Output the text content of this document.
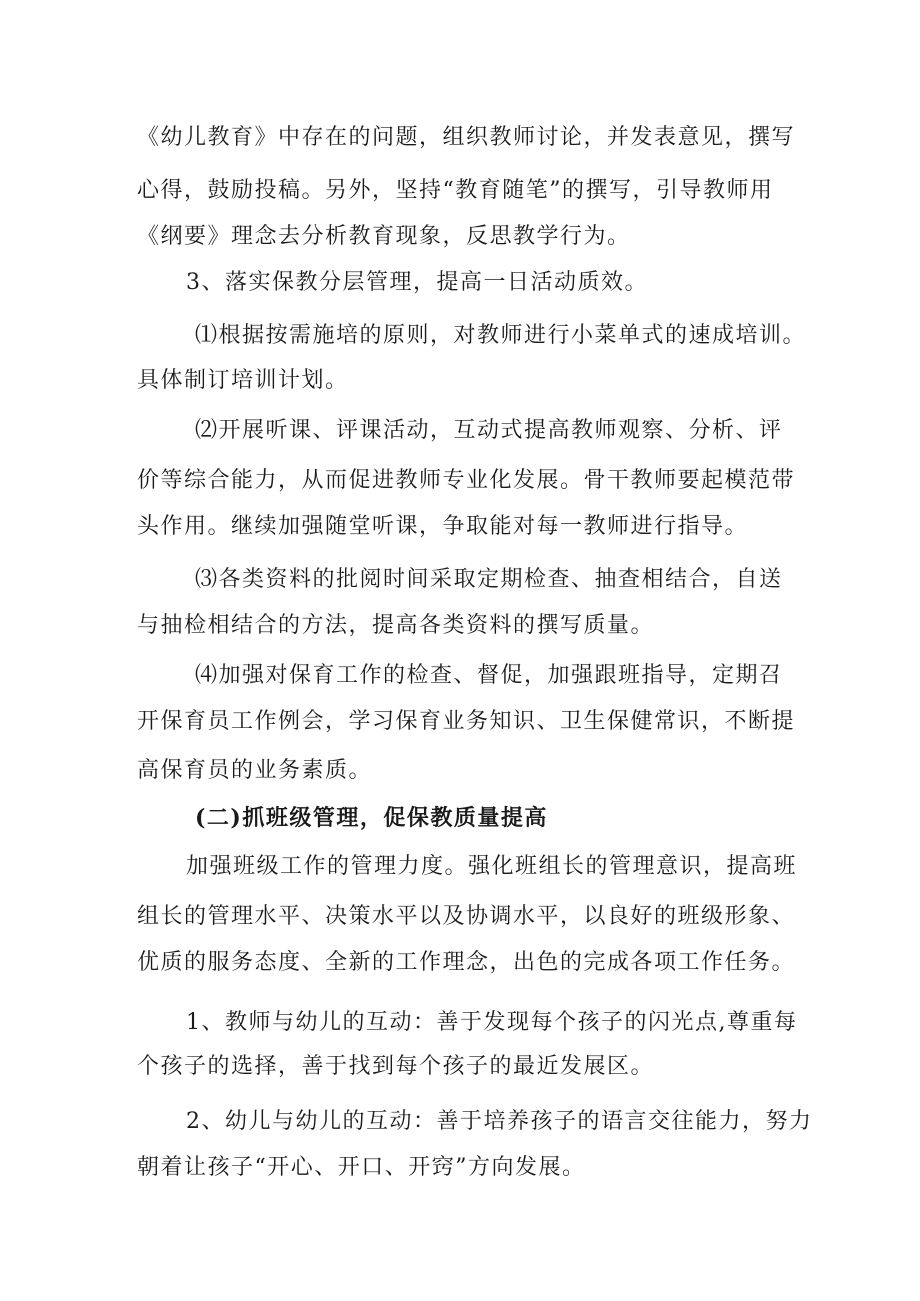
《幼儿教育》中存在的问题，组织教师讨论，并发表意见，撰写
心得，鼓励投稿。另外，坚持“教育随笔”的撰写，引导教师用
《纲要》理念去分析教育现象，反思教学行为。
3、落实保教分层管理，提高一日活动质效。
⑴根据按需施培的原则，对教师进行小菜单式的速成培训。
具体制订培训计划。
⑵开展听课、评课活动，互动式提高教师观察、分析、评
价等综合能力，从而促进教师专业化发展。骨干教师要起模范带
头作用。继续加强随堂听课，争取能对每一教师进行指导。
⑶各类资料的批阅时间采取定期检查、抽查相结合，自送
与抽检相结合的方法，提高各类资料的撰写质量。
⑷加强对保育工作的检查、督促，加强跟班指导，定期召
开保育员工作例会，学习保育业务知识、卫生保健常识，不断提
高保育员的业务素质。
(二)抓班级管理，促保教质量提高
加强班级工作的管理力度。强化班组长的管理意识，提高班
组长的管理水平、决策水平以及协调水平，以良好的班级形象、
优质的服务态度、全新的工作理念，出色的完成各项工作任务。
1、教师与幼儿的互动：善于发现每个孩子的闪光点,尊重每
个孩子的选择，善于找到每个孩子的最近发展区。
2、幼儿与幼儿的互动：善于培养孩子的语言交往能力，努力
朝着让孩子“开心、开口、开窍”方向发展。
